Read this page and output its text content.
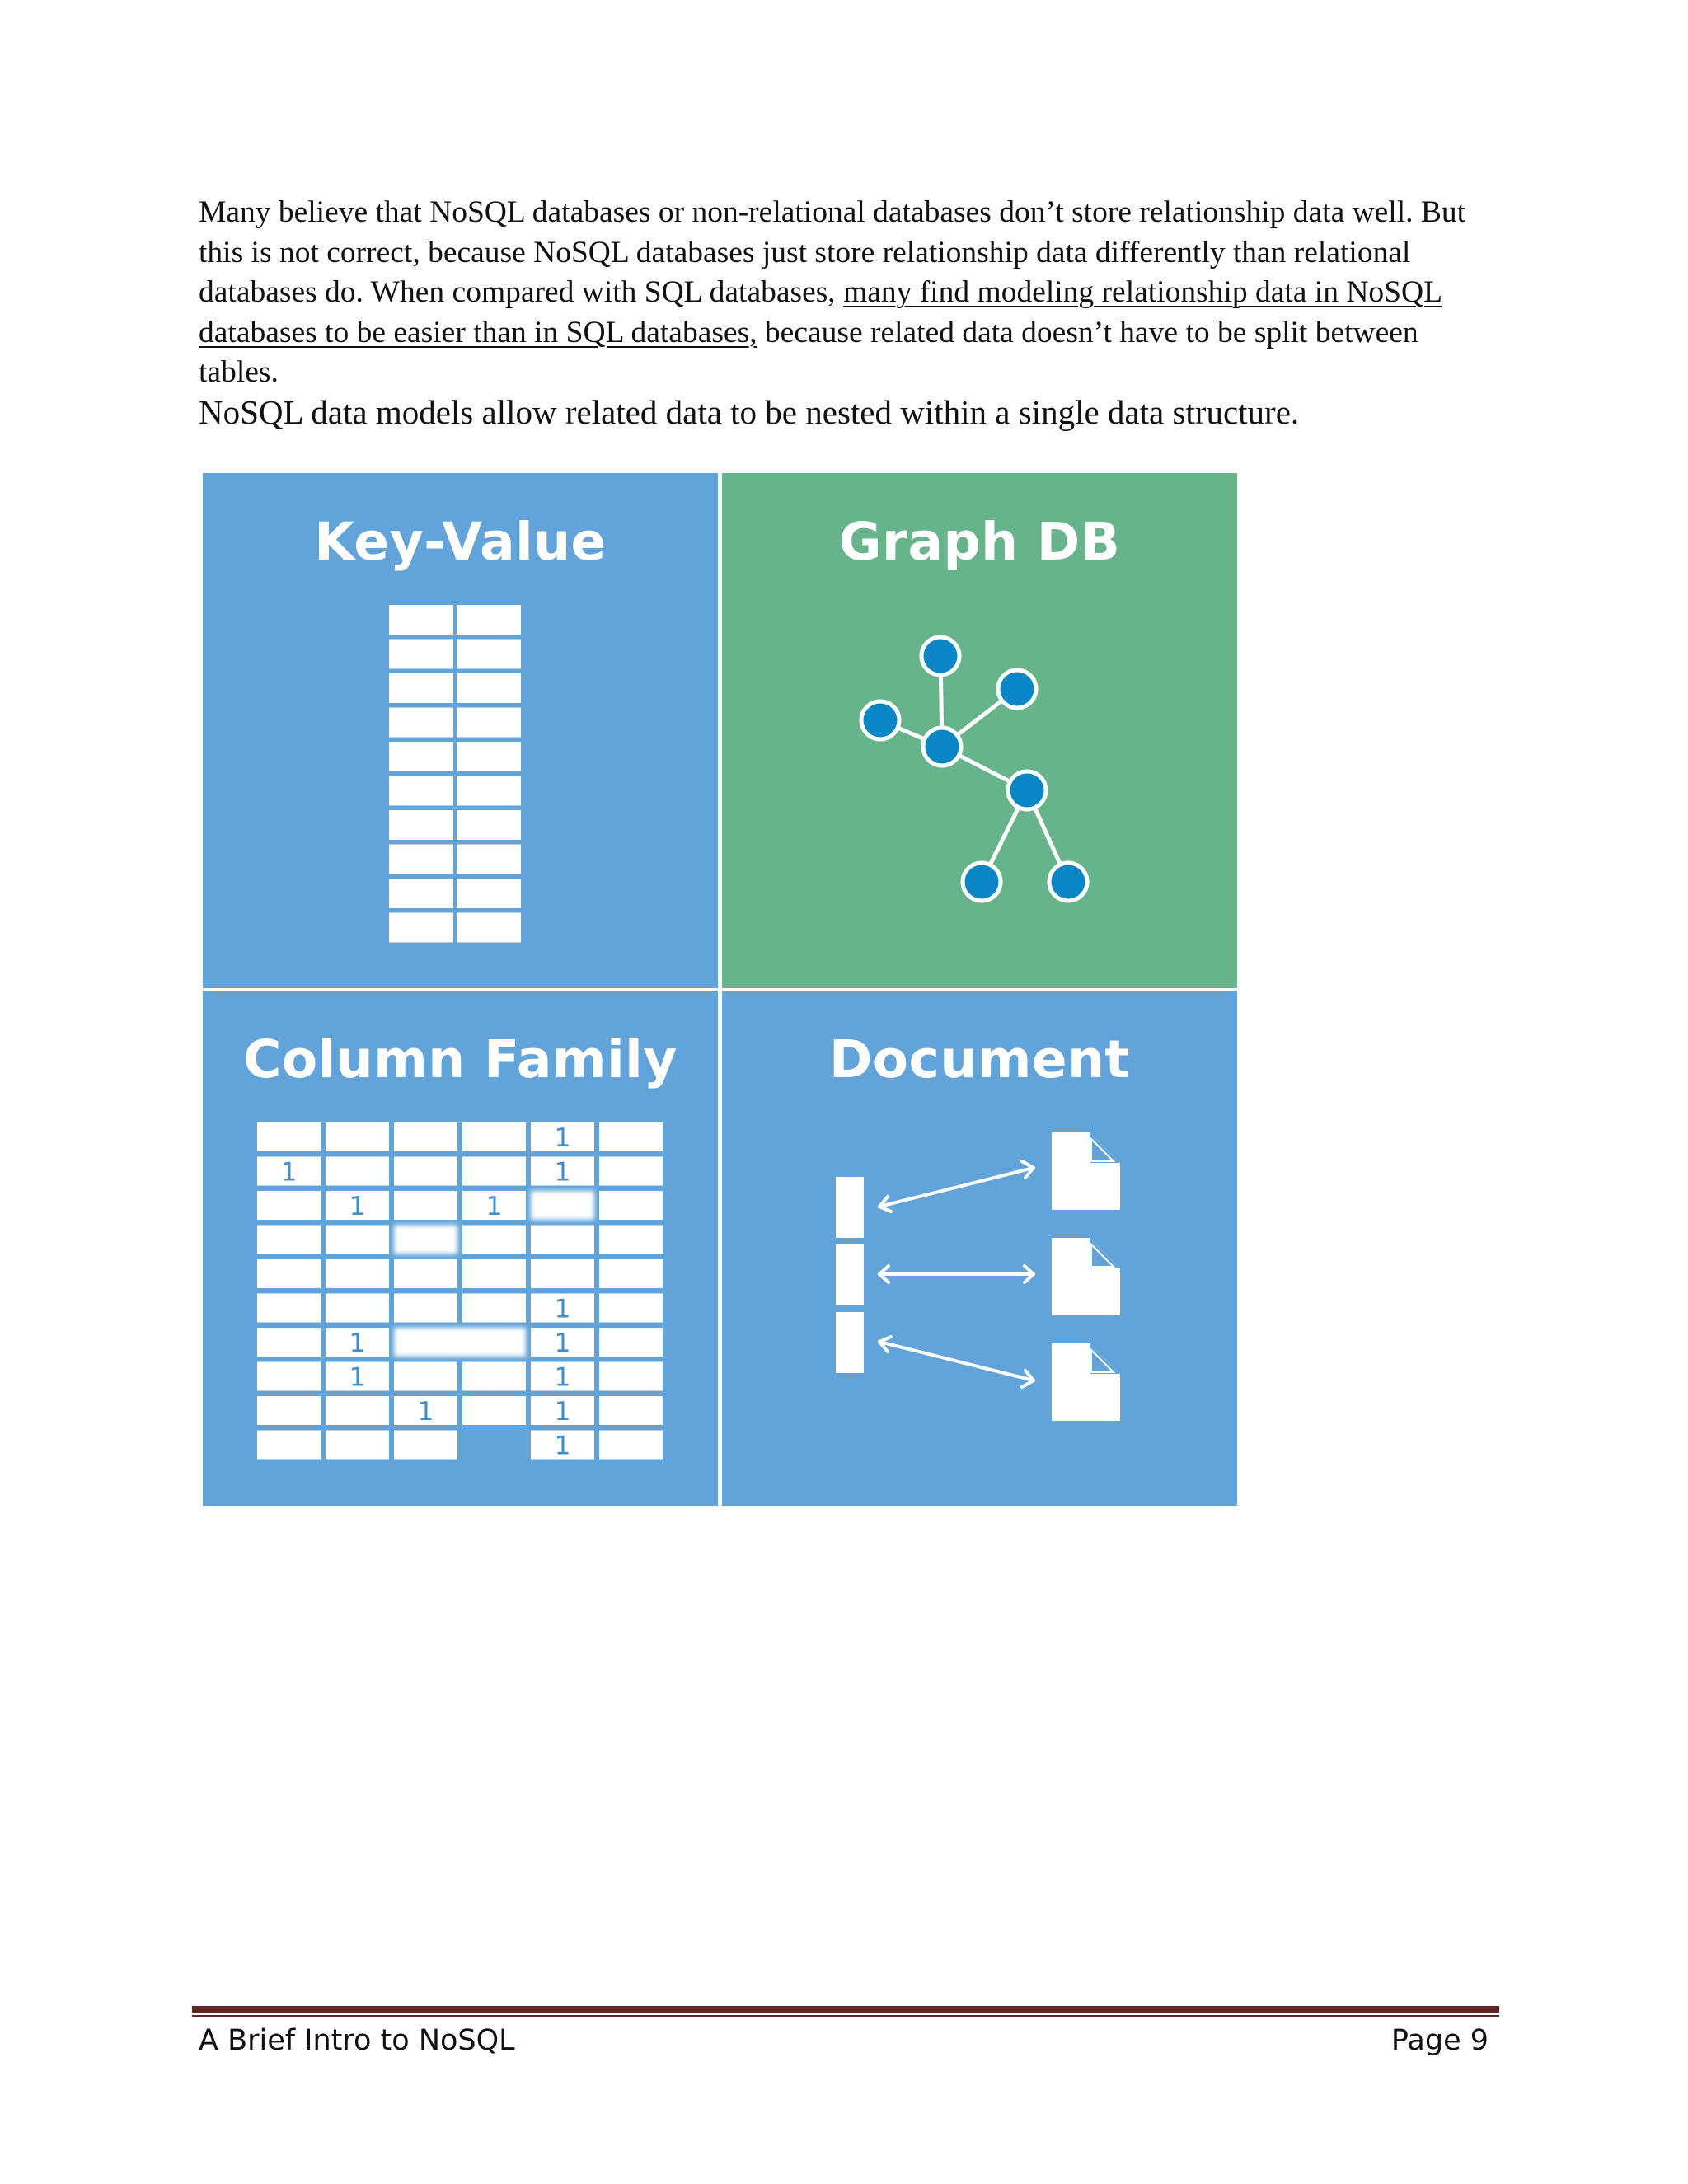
Many believe that NoSQL databases or non-relational databases don’t store relationship data well. But this is not correct, because NoSQL databases just store relationship data differently than relational databases do. When compared with SQL databases, many find modeling relationship data in NoSQL databases to be easier than in SQL databases, because related data doesn’t have to be split between tables.

NoSQL data models allow related data to be nested within a single data structure.

Key-Value	Graph DB
Column Family
1
1	1
1	1
1
1	1
1	1
1	1
1
Document

A Brief Intro to NoSQL	Page 9
